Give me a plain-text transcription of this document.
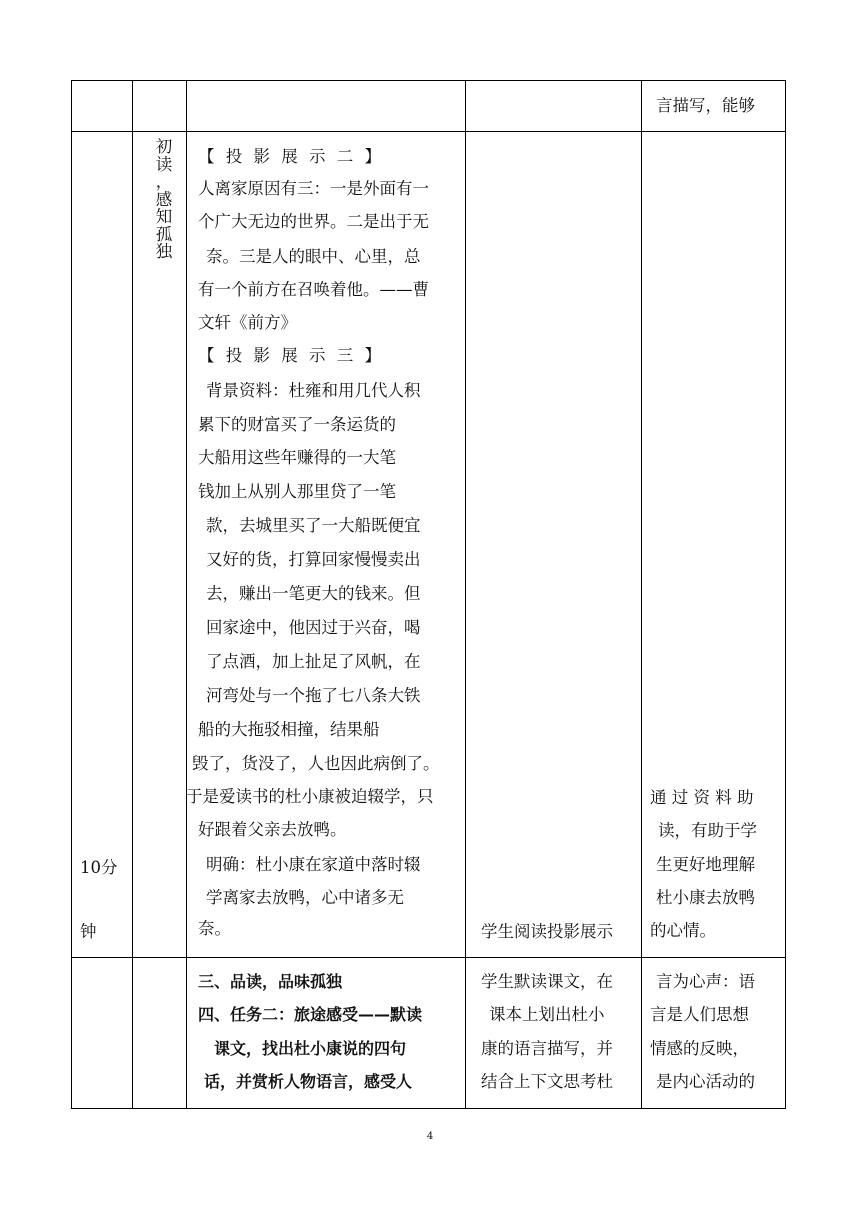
言描写，能够
10分
钟
初
读
，
感
知
孤
独
【 投 影 展 示 二 】
人离家原因有三：一是外面有一
个广大无边的世界。二是出于无
奈。三是人的眼中、心里，总
有一个前方在召唤着他。——曹
文轩《前方》
【 投 影 展 示 三 】
背景资料：杜雍和用几代人积
累下的财富买了一条运货的
大船用这些年赚得的一大笔
钱加上从别人那里贷了一笔
款，去城里买了一大船既便宜
又好的货，打算回家慢慢卖出
去，赚出一笔更大的钱来。但
回家途中，他因过于兴奋，喝
了点酒，加上扯足了风帆，在
河弯处与一个拖了七八条大铁
船的大拖驳相撞，结果船
毁了，货没了，人也因此病倒了。
于是爱读书的杜小康被迫辍学，只
好跟着父亲去放鸭。
明确：杜小康在家道中落时辍
学离家去放鸭，心中诸多无
奈。	学生阅读投影展示
通 过 资 料 助
读，有助于学
生更好地理解
杜小康去放鸭
的心情。
三、品读，品味孤独
四、任务二：旅途感受——默读
课文，找出杜小康说的四句
话，并赏析人物语言，感受人
学生默读课文，在
课本上划出杜小
康的语言描写，并
结合上下文思考杜
言为心声：语
言是人们思想
情感的反映，
是内心活动的
4
